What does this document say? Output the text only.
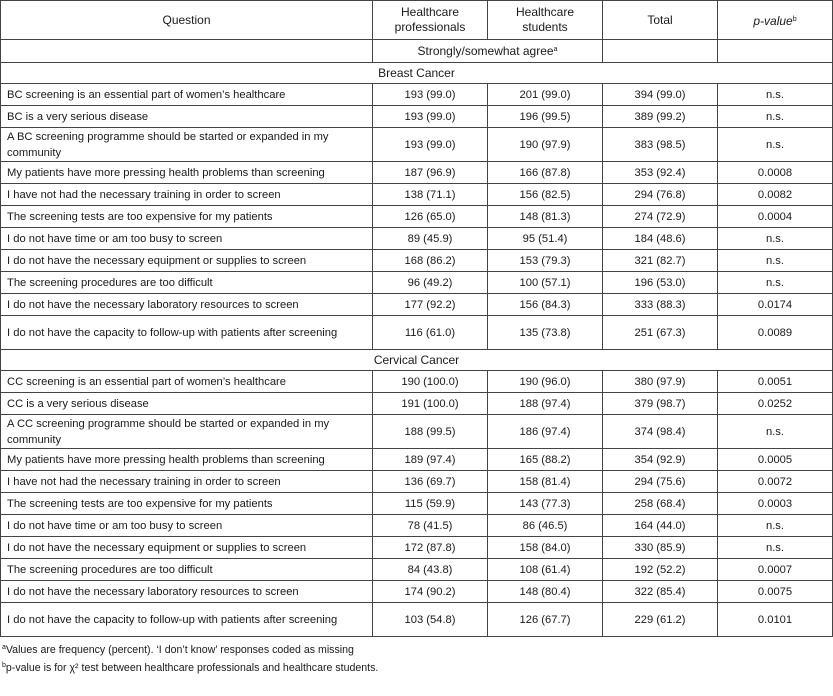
Question	Healthcare professionals	Healthcare students	Total	p-value$^b$
	Strongly/somewhat agree$^a$		
Breast Cancer				
BC screening is an essential part of women’s healthcare	193 (99.0)	201 (99.0)	394 (99.0)	n.s.
BC is a very serious disease	193 (99.0)	196 (99.5)	389 (99.2)	n.s.
A BC screening programme should be started or expanded in my community	193 (99.0)	190 (97.9)	383 (98.5)	n.s.
My patients have more pressing health problems than screening	187 (96.9)	166 (87.8)	353 (92.4)	0.0008
I have not had the necessary training in order to screen	138 (71.1)	156 (82.5)	294 (76.8)	0.0082
The screening tests are too expensive for my patients	126 (65.0)	148 (81.3)	274 (72.9)	0.0004
I do not have time or am too busy to screen	89 (45.9)	95 (51.4)	184 (48.6)	n.s.
I do not have the necessary equipment or supplies to screen	168 (86.2)	153 (79.3)	321 (82.7)	n.s.
The screening procedures are too difficult	96 (49.2)	100 (57.1)	196 (53.0)	n.s.
I do not have the necessary laboratory resources to screen	177 (92.2)	156 (84.3)	333 (88.3)	0.0174
I do not have the capacity to follow-up with patients after screening	116 (61.0)	135 (73.8)	251 (67.3)	0.0089
Cervical Cancer				
CC screening is an essential part of women’s healthcare	190 (100.0)	190 (96.0)	380 (97.9)	0.0051
CC is a very serious disease	191 (100.0)	188 (97.4)	379 (98.7)	0.0252
A CC screening programme should be started or expanded in my community	188 (99.5)	186 (97.4)	374 (98.4)	n.s.
My patients have more pressing health problems than screening	189 (97.4)	165 (88.2)	354 (92.9)	0.0005
I have not had the necessary training in order to screen	136 (69.7)	158 (81.4)	294 (75.6)	0.0072
The screening tests are too expensive for my patients	115 (59.9)	143 (77.3)	258 (68.4)	0.0003
I do not have time or am too busy to screen	78 (41.5)	86 (46.5)	164 (44.0)	n.s.
I do not have the necessary equipment or supplies to screen	172 (87.8)	158 (84.0)	330 (85.9)	n.s.
The screening procedures are too difficult	84 (43.8)	108 (61.4)	192 (52.2)	0.0007
I do not have the necessary laboratory resources to screen	174 (90.2)	148 (80.4)	322 (85.4)	0.0075
I do not have the capacity to follow-up with patients after screening	103 (54.8)	126 (67.7)	229 (61.2)	0.0101

$^a$Values are frequency (percent). ‘I don’t know’ responses coded as missing

$^b$p-value is for χ² test between healthcare professionals and healthcare students.
